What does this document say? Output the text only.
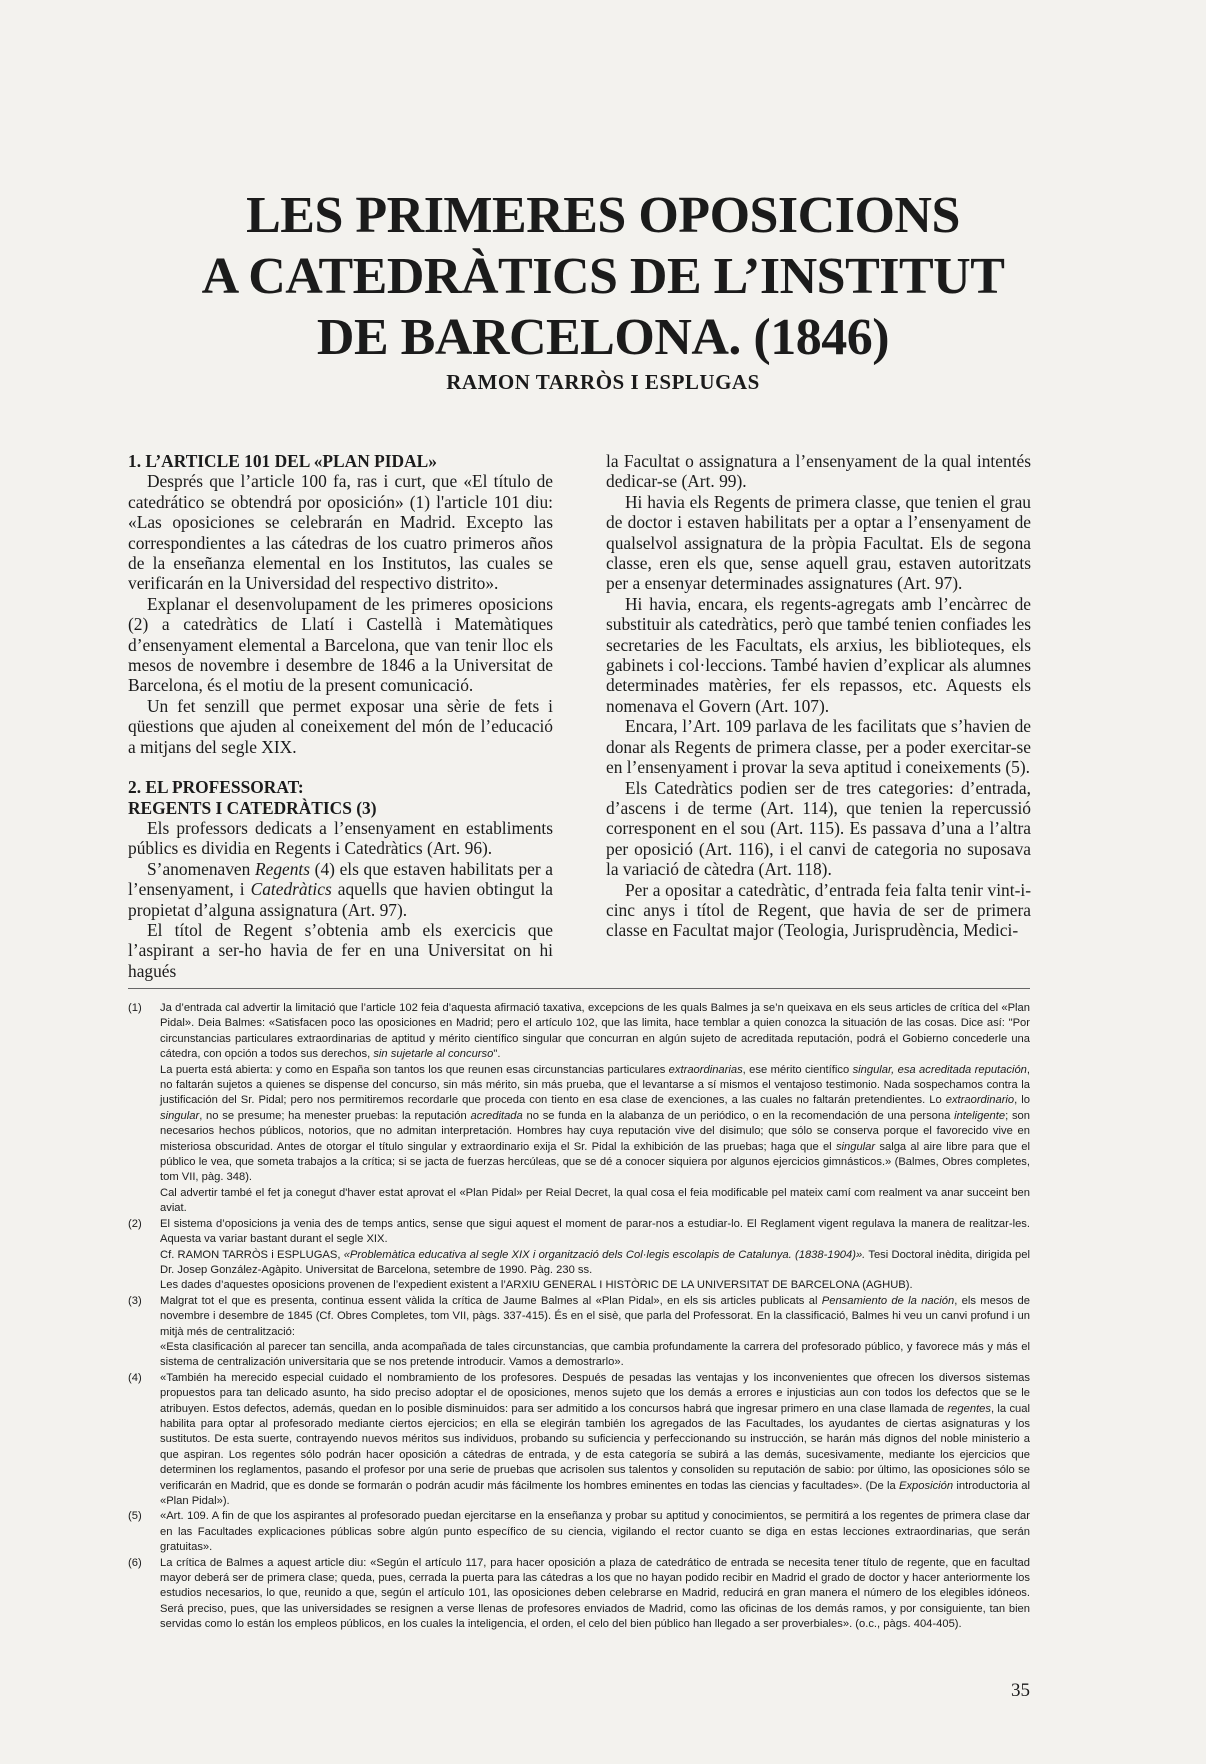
LES PRIMERES OPOSICIONS
A CATEDRÀTICS DE L’INSTITUT
DE BARCELONA. (1846)
RAMON TARRÒS I ESPLUGAS
1. L’ARTICLE 101 DEL «PLAN PIDAL»

Després que l’article 100 fa, ras i curt, que «El título de catedrático se obtendrá por oposición» (1) l'article 101 diu: «Las oposiciones se celebrarán en Madrid. Excepto las correspondientes a las cátedras de los cuatro primeros años de la enseñanza elemental en los Institutos, las cuales se verificarán en la Universidad del respectivo distrito».

Explanar el desenvolupament de les primeres oposicions (2) a catedràtics de Llatí i Castellà i Matemàtiques d’ensenyament elemental a Barcelona, que van tenir lloc els mesos de novembre i desembre de 1846 a la Universitat de Barcelona, és el motiu de la present comunicació.

Un fet senzill que permet exposar una sèrie de fets i qüestions que ajuden al coneixement del món de l’educació a mitjans del segle XIX.

2. EL PROFESSORAT:
REGENTS I CATEDRÀTICS (3)

Els professors dedicats a l’ensenyament en establiments públics es dividia en Regents i Catedràtics (Art. 96).

S’anomenaven Regents (4) els que estaven habilitats per a l’ensenyament, i Catedràtics aquells que havien obtingut la propietat d’alguna assignatura (Art. 97).

El títol de Regent s’obtenia amb els exercicis que l’aspirant a ser-ho havia de fer en una Universitat on hi hagués

la Facultat o assignatura a l’ensenyament de la qual intentés dedicar-se (Art. 99).

Hi havia els Regents de primera classe, que tenien el grau de doctor i estaven habilitats per a optar a l’ensenyament de qualselvol assignatura de la pròpia Facultat. Els de segona classe, eren els que, sense aquell grau, estaven autoritzats per a ensenyar determinades assignatures (Art. 97).

Hi havia, encara, els regents-agregats amb l’encàrrec de substituir als catedràtics, però que també tenien confiades les secretaries de les Facultats, els arxius, les biblioteques, els gabinets i col·leccions. També havien d’explicar als alumnes determinades matèries, fer els repassos, etc. Aquests els nomenava el Govern (Art. 107).

Encara, l’Art. 109 parlava de les facilitats que s’havien de donar als Regents de primera classe, per a poder exercitar-se en l’ensenyament i provar la seva aptitud i coneixements (5).

Els Catedràtics podien ser de tres categories: d’entrada, d’ascens i de terme (Art. 114), que tenien la repercussió corresponent en el sou (Art. 115). Es passava d’una a l’altra per oposició (Art. 116), i el canvi de categoria no suposava la variació de càtedra (Art. 118).

Per a opositar a catedràtic, d’entrada feia falta tenir vint-i-cinc anys i títol de Regent, que havia de ser de primera classe en Facultat major (Teologia, Jurisprudència, Medici-

(1)	Ja d’entrada cal advertir la limitació que l’article 102 feia d’aquesta afirmació taxativa, excepcions de les quals Balmes ja se’n queixava en els seus articles de crítica del «Plan Pidal». Deia Balmes: «Satisfacen poco las oposiciones en Madrid; pero el artículo 102, que las limita, hace temblar a quien conozca la situación de las cosas. Dice así: "Por circunstancias particulares extraordinarias de aptitud y mérito científico singular que concurran en algún sujeto de acreditada reputación, podrá el Gobierno concederle una cátedra, con opción a todos sus derechos, sin sujetarle al concurso".
La puerta está abierta: y como en España son tantos los que reunen esas circunstancias particulares extraordinarias, ese mérito científico singular, esa acreditada reputación, no faltarán sujetos a quienes se dispense del concurso, sin más mérito, sin más prueba, que el levantarse a sí mismos el ventajoso testimonio. Nada sospechamos contra la justificación del Sr. Pidal; pero nos permitiremos recordarle que proceda con tiento en esa clase de exenciones, a las cuales no faltarán pretendientes. Lo extraordinario, lo singular, no se presume; ha menester pruebas: la reputación acreditada no se funda en la alabanza de un periódico, o en la recomendación de una persona inteligente; son necesarios hechos públicos, notorios, que no admitan interpretación. Hombres hay cuya reputación vive del disimulo; que sólo se conserva porque el favorecido vive en misteriosa obscuridad. Antes de otorgar el título singular y extraordinario exija el Sr. Pidal la exhibición de las pruebas; haga que el singular salga al aire libre para que el público le vea, que someta trabajos a la crítica; si se jacta de fuerzas hercúleas, que se dé a conocer siquiera por algunos ejercicios gimnásticos.» (Balmes, Obres completes, tom VII, pàg. 348).
Cal advertir també el fet ja conegut d'haver estat aprovat el «Plan Pidal» per Reial Decret, la qual cosa el feia modificable pel mateix camí com realment va anar succeint ben aviat.
(2)	El sistema d’oposicions ja venia des de temps antics, sense que sigui aquest el moment de parar-nos a estudiar-lo. El Reglament vigent regulava la manera de realitzar-les. Aquesta va variar bastant durant el segle XIX.
Cf. RAMON TARRÒS i ESPLUGAS, «Problemàtica educativa al segle XIX i organització dels Col·legis escolapis de Catalunya. (1838-1904)». Tesi Doctoral inèdita, dirigida pel Dr. Josep González-Agàpito. Universitat de Barcelona, setembre de 1990. Pàg. 230 ss.
Les dades d’aquestes oposicions provenen de l’expedient existent a l’ARXIU GENERAL I HISTÒRIC DE LA UNIVERSITAT DE BARCELONA (AGHUB).
(3)	Malgrat tot el que es presenta, continua essent vàlida la crítica de Jaume Balmes al «Plan Pidal», en els sis articles publicats al Pensamiento de la nación, els mesos de novembre i desembre de 1845 (Cf. Obres Completes, tom VII, pàgs. 337-415). És en el sisè, que parla del Professorat. En la classificació, Balmes hi veu un canvi profund i un mitjà més de centralització:
«Esta clasificación al parecer tan sencilla, anda acompañada de tales circunstancias, que cambia profundamente la carrera del profesorado público, y favorece más y más el sistema de centralización universitaria que se nos pretende introducir. Vamos a demostrarlo».
(4)	«También ha merecido especial cuidado el nombramiento de los profesores. Después de pesadas las ventajas y los inconvenientes que ofrecen los diversos sistemas propuestos para tan delicado asunto, ha sido preciso adoptar el de oposiciones, menos sujeto que los demás a errores e injusticias aun con todos los defectos que se le atribuyen. Estos defectos, además, quedan en lo posible disminuidos: para ser admitido a los concursos habrá que ingresar primero en una clase llamada de regentes, la cual habilita para optar al profesorado mediante ciertos ejercicios; en ella se elegirán también los agregados de las Facultades, los ayudantes de ciertas asignaturas y los sustitutos. De esta suerte, contrayendo nuevos méritos sus individuos, probando su suficiencia y perfeccionando su instrucción, se harán más dignos del noble ministerio a que aspiran. Los regentes sólo podrán hacer oposición a cátedras de entrada, y de esta categoría se subirá a las demás, sucesivamente, mediante los ejercicios que determinen los reglamentos, pasando el profesor por una serie de pruebas que acrisolen sus talentos y consoliden su reputación de sabio: por último, las oposiciones sólo se verificarán en Madrid, que es donde se formarán o podrán acudir más fácilmente los hombres eminentes en todas las ciencias y facultades». (De la Exposición introductoria al «Plan Pidal»).
(5)	«Art. 109. A fin de que los aspirantes al profesorado puedan ejercitarse en la enseñanza y probar su aptitud y conocimientos, se permitirá a los regentes de primera clase dar en las Facultades explicaciones públicas sobre algún punto específico de su ciencia, vigilando el rector cuanto se diga en estas lecciones extraordinarias, que serán gratuitas».
(6)	La crítica de Balmes a aquest article diu: «Según el artículo 117, para hacer oposición a plaza de catedrático de entrada se necesita tener título de regente, que en facultad mayor deberá ser de primera clase; queda, pues, cerrada la puerta para las cátedras a los que no hayan podido recibir en Madrid el grado de doctor y hacer anteriormente los estudios necesarios, lo que, reunido a que, según el artículo 101, las oposiciones deben celebrarse en Madrid, reducirá en gran manera el número de los elegibles idóneos. Será preciso, pues, que las universidades se resignen a verse llenas de profesores enviados de Madrid, como las oficinas de los demás ramos, y por consiguiente, tan bien servidas como lo están los empleos públicos, en los cuales la inteligencia, el orden, el celo del bien público han llegado a ser proverbiales». (o.c., pàgs. 404-405).
35
